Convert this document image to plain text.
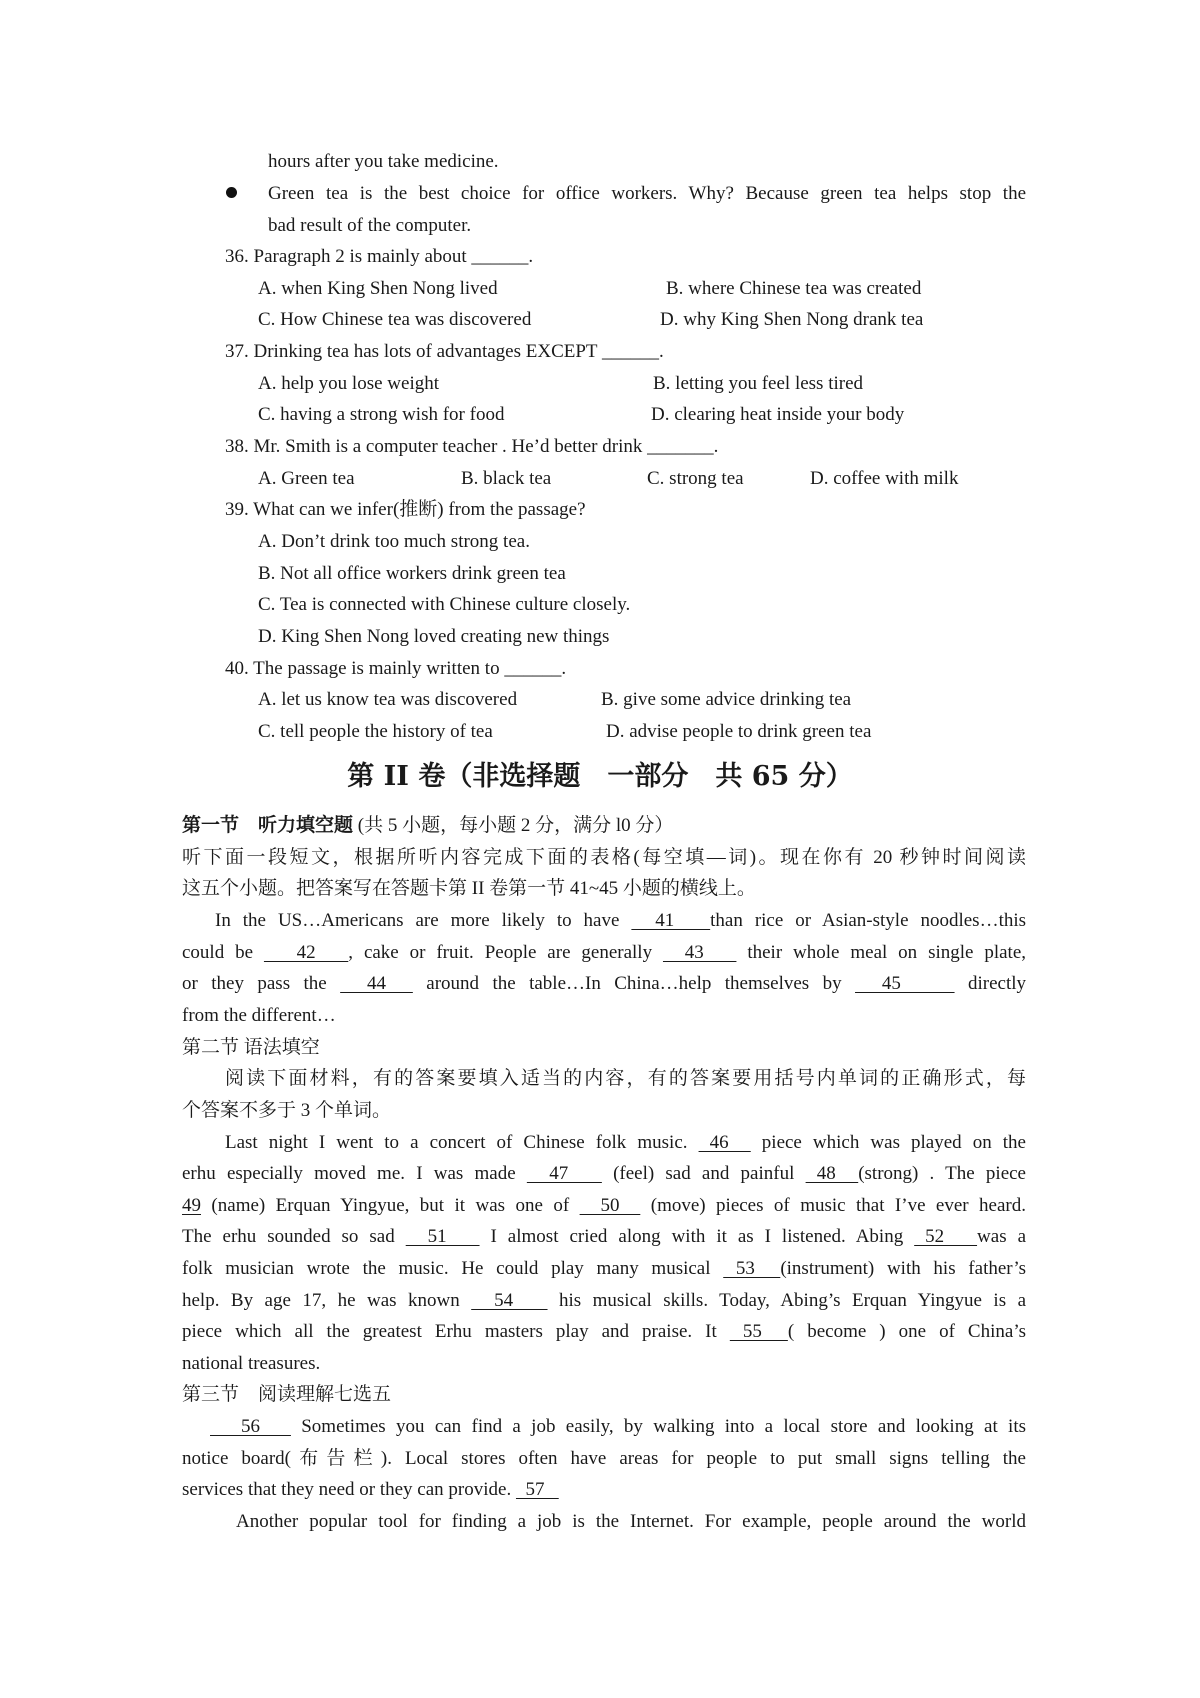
hours after you take medicine.
Green tea is the best choice for office workers. Why? Because green tea helps stop the
bad result of the computer.
36. Paragraph 2 is mainly about ______.
A. when King Shen Nong lived	B. where Chinese tea was created
C. How Chinese tea was discovered	D. why King Shen Nong drank tea
37. Drinking tea has lots of advantages EXCEPT ______.
A. help you lose weight	B. letting you feel less tired
C. having a strong wish for food	D. clearing heat inside your body
38. Mr. Smith is a computer teacher . He’d better drink _______.
A. Green tea	B. black tea	C. strong tea	D. coffee with milk
39. What can we infer(推断) from the passage?
A. Don’t drink too much strong tea.
B. Not all office workers drink green tea
C. Tea is connected with Chinese culture closely.
D. King Shen Nong loved creating new things
40. The passage is mainly written to ______.
A. let us know tea was discovered	B. give some advice drinking tea
C. tell people the history of tea	D. advise people to drink green tea
第 II 卷（非选择题　一部分　共 65 分）
第一节　听力填空题 (共 5 小题，每小题 2 分，满分 l0 分）
听下面一段短文，根据所听内容完成下面的表格(每空填—词)。现在你有 20 秒钟时间阅读
这五个小题。把答案写在答题卡第 II 卷第一节 41~45 小题的横线上。
In the US…Americans are more likely to have   41   than rice or Asian-style noodles…this
could be    42   , cake or fruit. People are generally   43    their whole meal on single plate,
or they pass the   44   around the table…In China…help themselves by   45     directly
from the different…
第二节 语法填空
阅读下面材料，有的答案要填入适当的内容，有的答案要用括号内单词的正确形式，每
个答案不多于 3 个单词。
Last night I went to a concert of Chinese folk music.  46   piece which was played on the
erhu especially moved me. I was made   47    (feel) sad and painful  48  (strong) . The piece
49 (name) Erquan Yingyue, but it was one of   50   (move) pieces of music that I’ve ever heard.
The erhu sounded so sad   51    I almost cried along with it as I listened. Abing  52   was a
folk musician wrote the music. He could play many musical  53  (instrument) with his father’s
help. By age 17, he was known   54    his musical skills. Today, Abing’s Erquan Yingyue is a
piece which all the greatest Erhu masters play and praise. It  55  ( become ) one of China’s
national treasures.
第三节　阅读理解七选五
56    Sometimes you can find a job easily, by walking into a local store and looking at its
notice board(布告栏). Local stores often have areas for people to put small signs telling the
services that they need or they can provide.   57
Another popular tool for finding a job is the Internet. For example, people around the world
